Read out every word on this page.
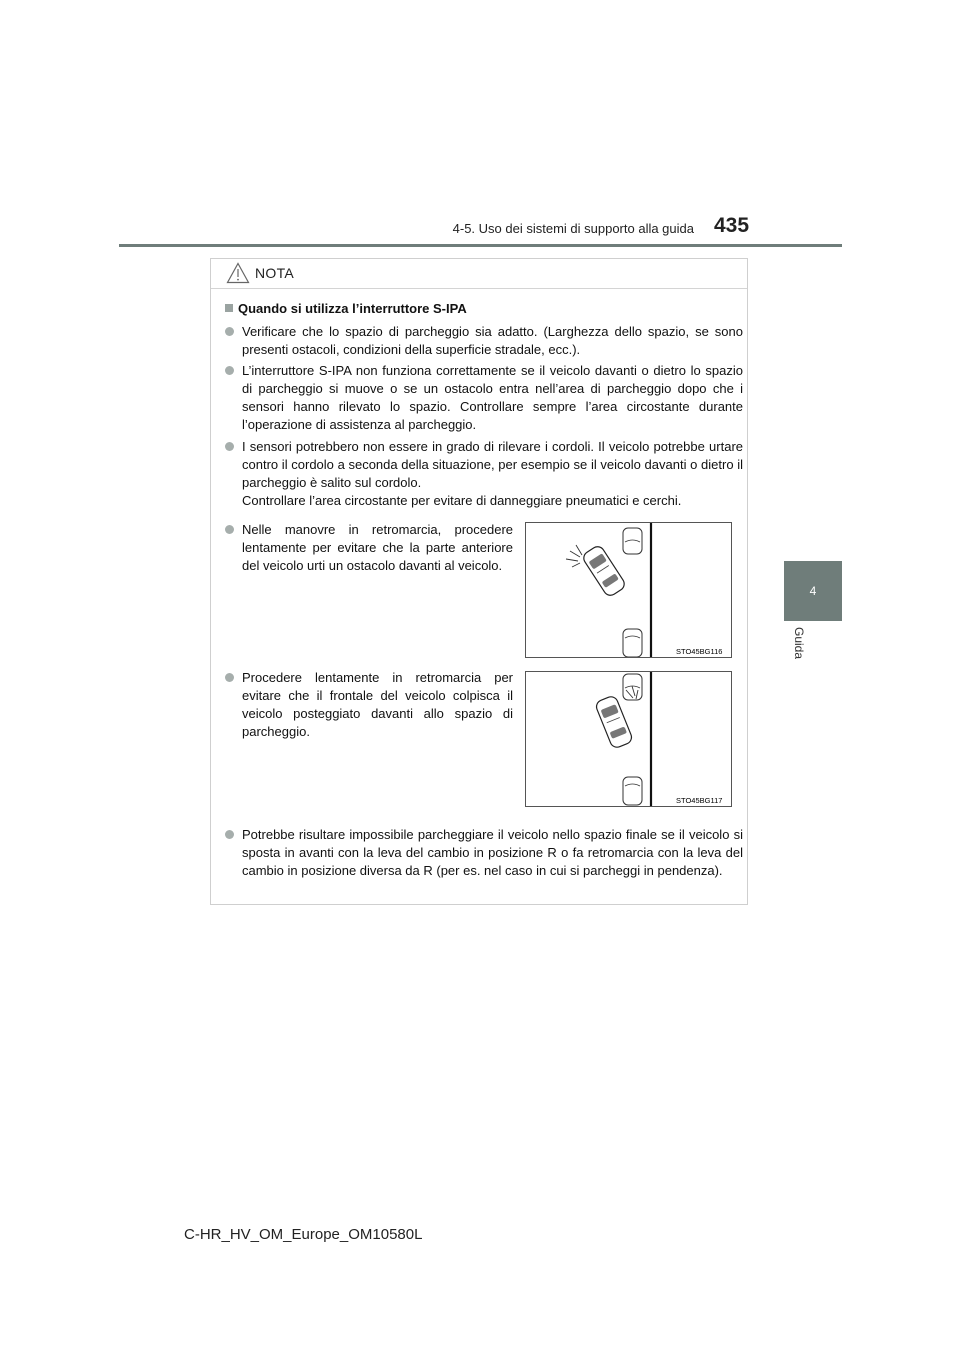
4-5. Uso dei sistemi di supporto alla guida 435
4
Guida
NOTA
Quando si utilizza l’interruttore S-IPA
Verificare che lo spazio di parcheggio sia adatto. (Larghezza dello spazio, se sono presenti ostacoli, condizioni della superficie stradale, ecc.).
L’interruttore S-IPA non funziona correttamente se il veicolo davanti o dietro lo spazio di parcheggio si muove o se un ostacolo entra nell’area di parcheggio dopo che i sensori hanno rilevato lo spazio. Controllare sempre l’area circostante durante l’operazione di assistenza al parcheggio.
I sensori potrebbero non essere in grado di rilevare i cordoli. Il veicolo potrebbe urtare contro il cordolo a seconda della situazione, per esempio se il veicolo davanti o dietro il parcheggio è salito sul cordolo.
Controllare l’area circostante per evitare di danneggiare pneumatici e cerchi.
Nelle manovre in retromarcia, procedere lentamente per evitare che la parte anteriore del veicolo urti un ostacolo davanti al veicolo.
STO45BG116
Procedere lentamente in retromarcia per evitare che il frontale del veicolo colpisca il veicolo posteggiato davanti allo spazio di parcheggio.
STO45BG117
Potrebbe risultare impossibile parcheggiare il veicolo nello spazio finale se il veicolo si sposta in avanti con la leva del cambio in posizione R o fa retromarcia con la leva del cambio in posizione diversa da R (per es. nel caso in cui si parcheggi in pendenza).
C-HR_HV_OM_Europe_OM10580L
